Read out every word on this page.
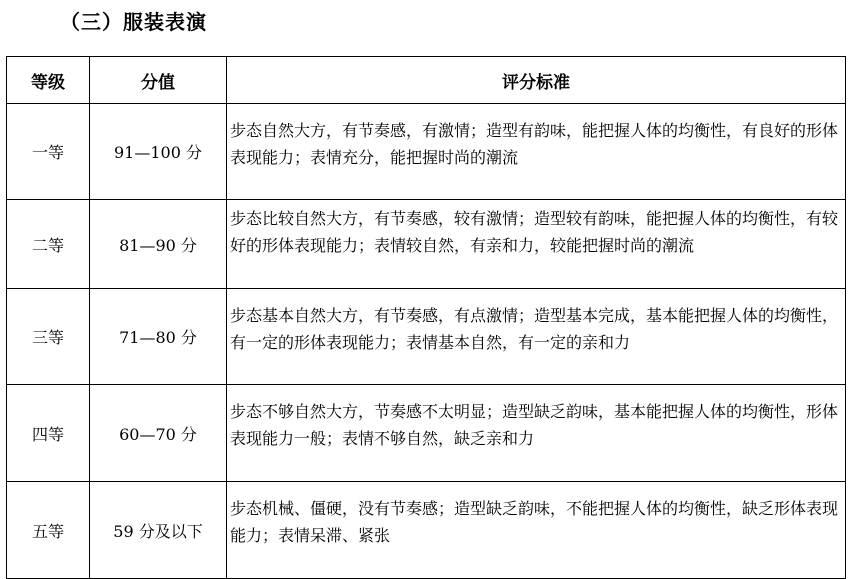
（三）服装表演
等级	分值	评分标准
一等	91—100 分	步态自然大方，有节奏感，有激情；造型有韵味，能把握人体的均衡性，有良好的形体表现能力；表情充分，能把握时尚的潮流
二等	81—90 分	步态比较自然大方，有节奏感，较有激情；造型较有韵味，能把握人体的均衡性，有较好的形体表现能力；表情较自然，有亲和力，较能把握时尚的潮流
三等	71—80 分	步态基本自然大方，有节奏感，有点激情；造型基本完成，基本能把握人体的均衡性，有一定的形体表现能力；表情基本自然，有一定的亲和力
四等	60—70 分	步态不够自然大方，节奏感不太明显；造型缺乏韵味，基本能把握人体的均衡性，形体表现能力一般；表情不够自然，缺乏亲和力
五等	59 分及以下	步态机械、僵硬，没有节奏感；造型缺乏韵味，不能把握人体的均衡性，缺乏形体表现能力；表情呆滞、紧张
